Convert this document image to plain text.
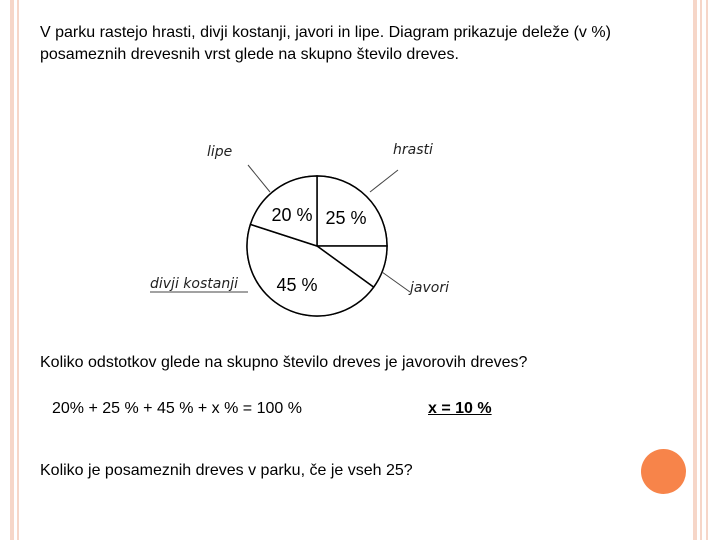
V parku rastejo hrasti, divji kostanji, javori in lipe. Diagram prikazuje deleže (v %) posameznih drevesnih vrst glede na skupno število dreves.

25 %
hrasti
javori
45 %
divji kostanji
20 %
lipe

Koliko odstotkov glede na skupno število dreves je javorovih dreves?

20% + 25 % + 45 % + x % = 100 %	x = 10 %

Koliko je posameznih dreves v parku, če je vseh 25?
